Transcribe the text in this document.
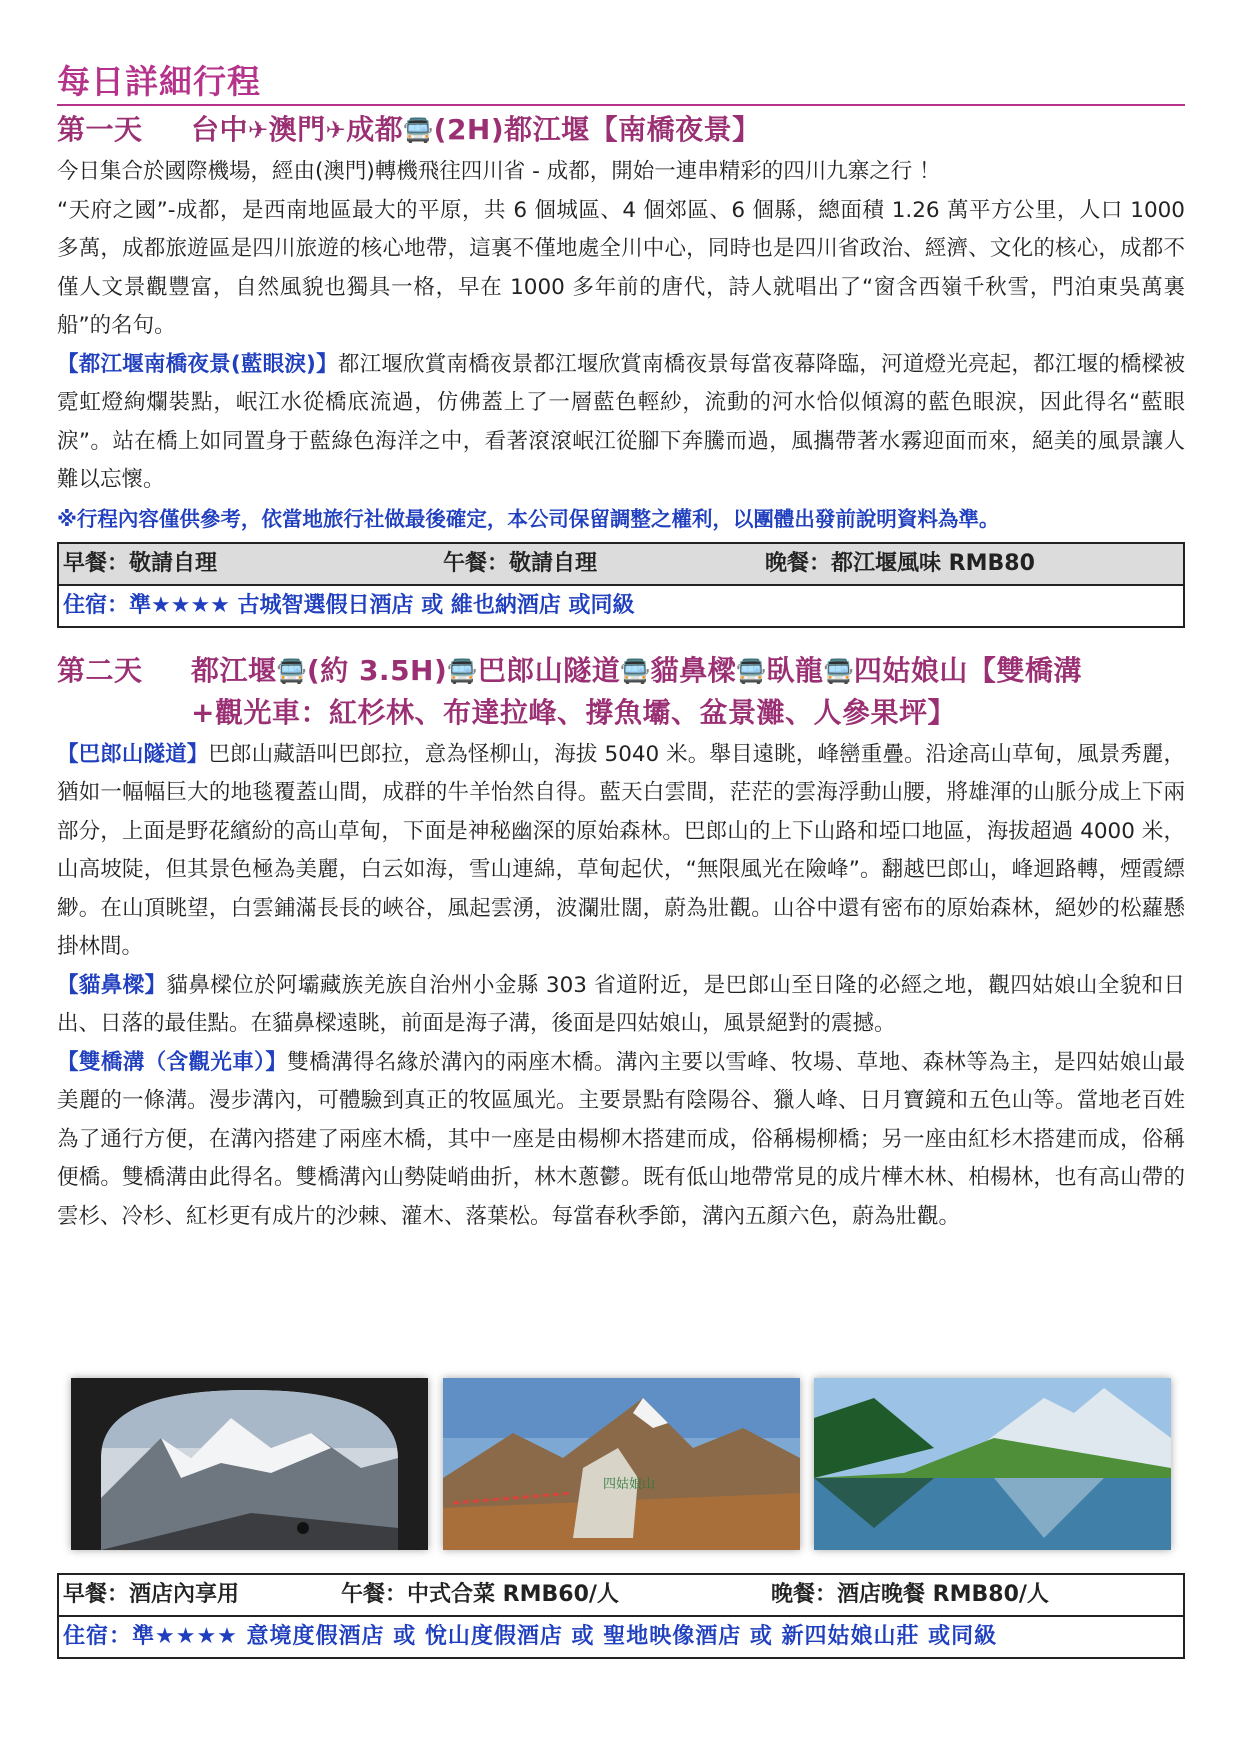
每日詳細行程
第一天 台中✈澳門✈成都🚍(2H)都江堰【南橋夜景】

今日集合於國際機場，經由(澳門)轉機飛往四川省 - 成都，開始一連串精彩的四川九寨之行 ！

“天府之國”-成都，是西南地區最大的平原，共 6 個城區、4 個郊區、6 個縣，總面積 1.26 萬平方公里，人口 1000 多萬，成都旅遊區是四川旅遊的核心地帶，這裏不僅地處全川中心，同時也是四川省政治、經濟、文化的核心，成都不僅人文景觀豐富，自然風貌也獨具一格，早在 1000 多年前的唐代，詩人就唱出了“窗含西嶺千秋雪，門泊東吳萬裏船”的名句。

【都江堰南橋夜景(藍眼淚)】都江堰欣賞南橋夜景都江堰欣賞南橋夜景每當夜幕降臨，河道燈光亮起，都江堰的橋樑被霓虹燈絢爛裝點，岷江水從橋底流過，仿佛蓋上了一層藍色輕紗，流動的河水恰似傾瀉的藍色眼淚，因此得名“藍眼淚”。站在橋上如同置身于藍綠色海洋之中，看著滾滾岷江從腳下奔騰而過，風攜帶著水霧迎面而來，絕美的風景讓人難以忘懷。

※行程內容僅供參考，依當地旅行社做最後確定，本公司保留調整之權利，以團體出發前說明資料為準。
早餐：敬請自理	午餐：敬請自理	晚餐：都江堰風味 RMB80
住宿：準★★★★ 古城智選假日酒店 或 維也納酒店 或同級
第二天 都江堰🚍(約 3.5H)🚍巴郎山隧道🚍貓鼻樑🚍臥龍🚍四姑娘山【雙橋溝
+觀光車：紅杉林、布達拉峰、撐魚壩、盆景灘、人參果坪】

【巴郎山隧道】巴郎山藏語叫巴郎拉，意為怪柳山，海拔 5040 米。舉目遠眺，峰巒重疊。沿途高山草甸，風景秀麗，猶如一幅幅巨大的地毯覆蓋山間，成群的牛羊怡然自得。藍天白雲間，茫茫的雲海浮動山腰，將雄渾的山脈分成上下兩部分，上面是野花繽紛的高山草甸，下面是神秘幽深的原始森林。巴郎山的上下山路和埡口地區，海拔超過 4000 米，山高坡陡，但其景色極為美麗，白云如海，雪山連綿，草甸起伏，“無限風光在險峰”。翻越巴郎山，峰迴路轉，煙霞縹緲。在山頂眺望，白雲鋪滿長長的峽谷，風起雲湧，波瀾壯闊，蔚為壯觀。山谷中還有密布的原始森林，絕妙的松蘿懸掛林間。

【貓鼻樑】貓鼻樑位於阿壩藏族羌族自治州小金縣 303 省道附近，是巴郎山至日隆的必經之地，觀四姑娘山全貌和日出、日落的最佳點。在貓鼻樑遠眺，前面是海子溝，後面是四姑娘山，風景絕對的震撼。

【雙橋溝（含觀光車）】雙橋溝得名緣於溝內的兩座木橋。溝內主要以雪峰、牧場、草地、森林等為主，是四姑娘山最美麗的一條溝。漫步溝內，可體驗到真正的牧區風光。主要景點有陰陽谷、獵人峰、日月寶鏡和五色山等。當地老百姓為了通行方便，在溝內搭建了兩座木橋，其中一座是由楊柳木搭建而成，俗稱楊柳橋；另一座由紅杉木搭建而成，俗稱便橋。雙橋溝由此得名。雙橋溝內山勢陡峭曲折，林木蔥鬱。既有低山地帶常見的成片樺木林、柏楊林，也有高山帶的雲杉、冷杉、紅杉更有成片的沙棘、灌木、落葉松。每當春秋季節，溝內五顏六色，蔚為壯觀。

四姑娘山
早餐：酒店內享用	午餐：中式合菜 RMB60/人	晚餐：酒店晚餐 RMB80/人
住宿：準★★★★ 意境度假酒店 或 悅山度假酒店 或 聖地映像酒店 或 新四姑娘山莊 或同級
